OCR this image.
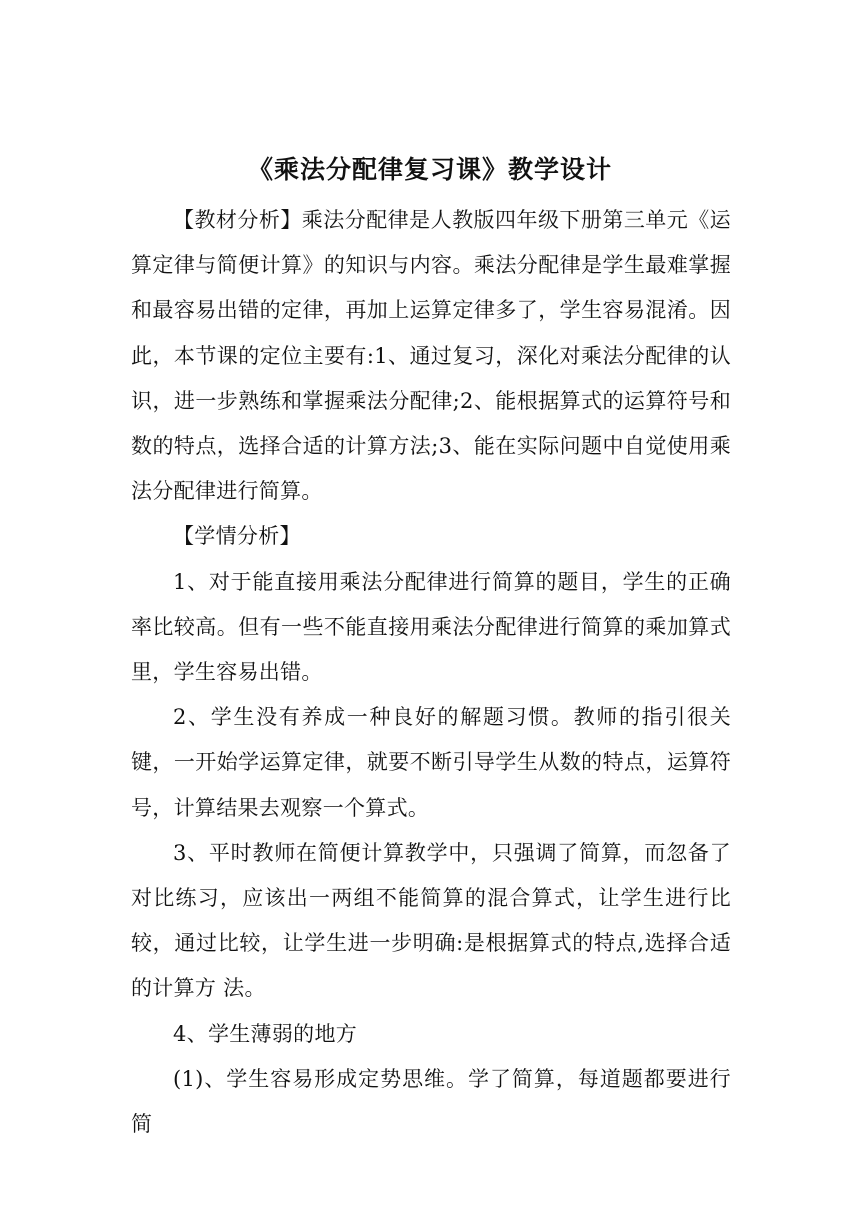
《乘法分配律复习课》教学设计

【教材分析】乘法分配律是人教版四年级下册第三单元《运算定律与简便计算》的知识与内容。乘法分配律是学生最难掌握和最容易出错的定律，再加上运算定律多了，学生容易混淆。因此，本节课的定位主要有:1、通过复习，深化对乘法分配律的认识，进一步熟练和掌握乘法分配律;2、能根据算式的运算符号和数的特点，选择合适的计算方法;3、能在实际问题中自觉使用乘法分配律进行简算。

【学情分析】

1、对于能直接用乘法分配律进行简算的题目，学生的正确率比较高。但有一些不能直接用乘法分配律进行简算的乘加算式里，学生容易出错。

2、学生没有养成一种良好的解题习惯。教师的指引很关键，一开始学运算定律，就要不断引导学生从数的特点，运算符号，计算结果去观察一个算式。

3、平时教师在简便计算教学中，只强调了简算，而忽备了对比练习，应该出一两组不能简算的混合算式，让学生进行比较，通过比较，让学生进一步明确:是根据算式的特点,选择合适的计算方 法。

4、学生薄弱的地方

(1)、学生容易形成定势思维。学了简算，每道题都要进行简
